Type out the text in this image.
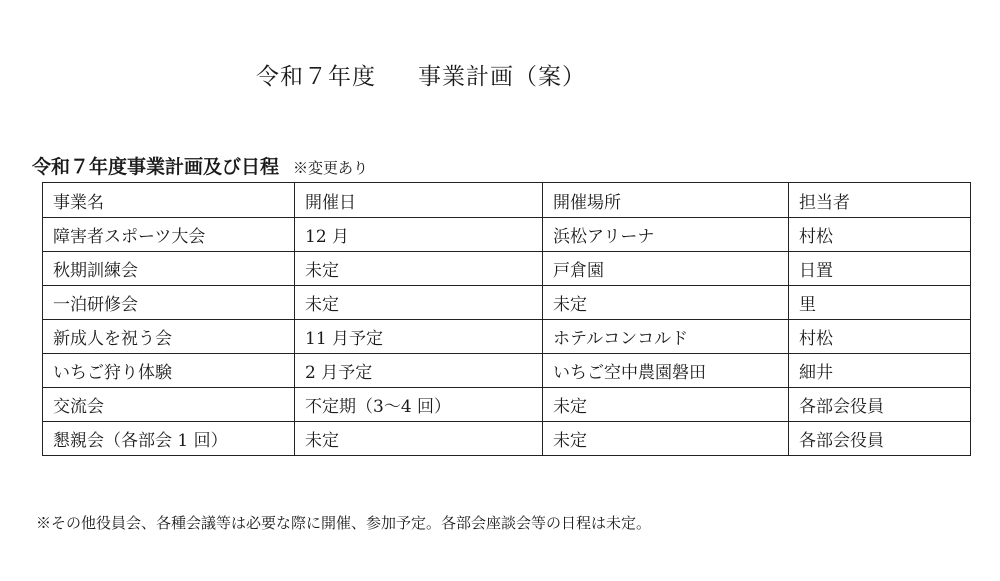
令和７年度 事業計画（案）
令和７年度事業計画及び日程 ※変更あり
事業名	開催日	開催場所	担当者
障害者スポーツ大会	12 月	浜松アリーナ	村松
秋期訓練会	未定	戸倉園	日置
一泊研修会	未定	未定	里
新成人を祝う会	11 月予定	ホテルコンコルド	村松
いちご狩り体験	2 月予定	いちご空中農園磐田	細井
交流会	不定期（3～4 回）	未定	各部会役員
懇親会（各部会 1 回）	未定	未定	各部会役員
※その他役員会、各種会議等は必要な際に開催、参加予定。各部会座談会等の日程は未定。
